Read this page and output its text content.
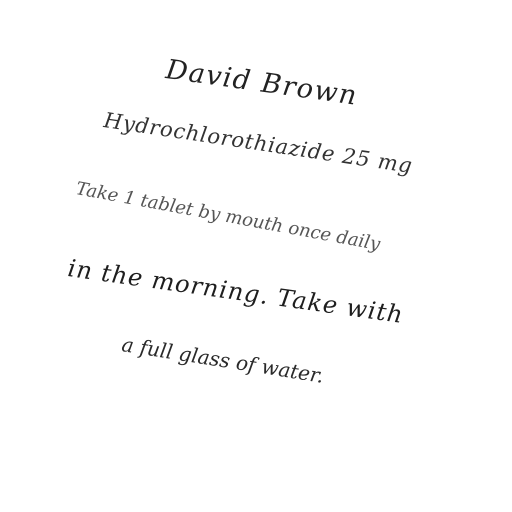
David Brown
Hydrochlorothiazide 25 mg
Take 1 tablet by mouth once daily
in the morning. Take with
a full glass of water.
